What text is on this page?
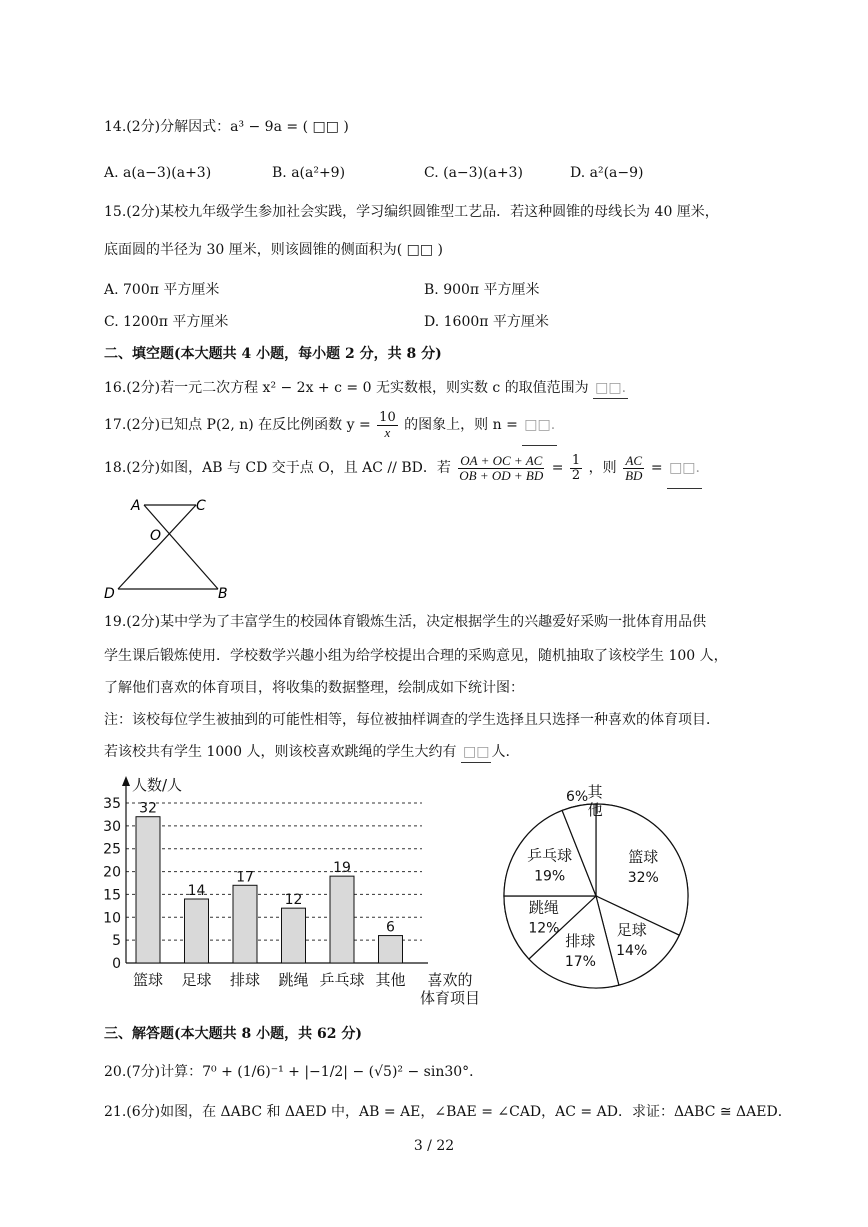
14.(2分)分解因式：a³ − 9a = ( □□ )
A. a(a−3)(a+3)	B. a(a²+9)	C. (a−3)(a+3)	D. a²(a−9)
15.(2分)某校九年级学生参加社会实践，学习编织圆锥型工艺品．若这种圆锥的母线长为 40 厘米，
底面圆的半径为 30 厘米，则该圆锥的侧面积为( □□ )
A. 700π 平方厘米	B. 900π 平方厘米
C. 1200π 平方厘米	D. 1600π 平方厘米
二、填空题(本大题共 4 小题，每小题 2 分，共 8 分)
16.(2分)若一元二次方程 x² − 2x + c = 0 无实数根，则实数 c 的取值范围为 □□.
17.(2分)已知点 P(2, n) 在反比例函数 $y = \frac{10}{x}$ 的图象上，则 n = □□.
18.(2分)如图，AB 与 CD 交于点 O，且 AC // BD．若 $\frac{OA + OC + AC}{OB + OD + BD} = \frac{1}{2}$ ，则 $\frac{AC}{BD}$ = □□.
A	C
O
D	B
19.(2分)某中学为了丰富学生的校园体育锻炼生活，决定根据学生的兴趣爱好采购一批体育用品供
学生课后锻炼使用．学校数学兴趣小组为给学校提出合理的采购意见，随机抽取了该校学生 100 人，
了解他们喜欢的体育项目，将收集的数据整理，绘制成如下统计图：
注：该校每位学生被抽到的可能性相等，每位被抽样调查的学生选择且只选择一种喜欢的体育项目．
若该校共有学生 1000 人，则该校喜欢跳绳的学生大约有 □□ 人.
0
5
10
15
20
25
30
35
人数/人
32
篮球
14
足球
17
排球
12
跳绳
19
乒乓球
6
其他 喜欢的
体育项目
篮球
32%
足球
14%
排球
17%
跳绳
12%
乒乓球
19%
6% 其
他
三、解答题(本大题共 8 小题，共 62 分)
20.(7分)计算：7⁰ + (1/6)⁻¹ + |−1/2| − (√5)² − sin30°．
21.(6分)如图，在 ΔABC 和 ΔAED 中，AB = AE，∠BAE = ∠CAD，AC = AD．求证：ΔABC ≅ ΔAED．
3 / 22
